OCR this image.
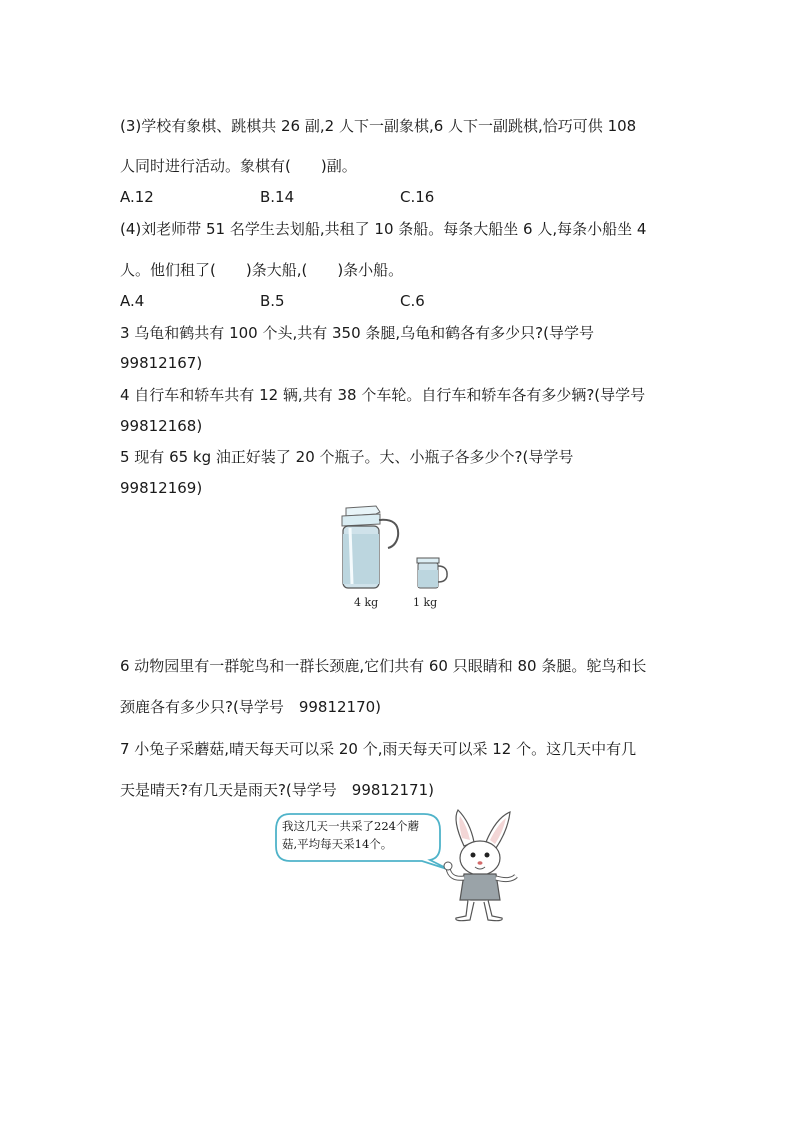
(3)学校有象棋、跳棋共 26 副,2 人下一副象棋,6 人下一副跳棋,恰巧可供 108
人同时进行活动。象棋有(　　)副。
A.12	B.14	C.16
(4)刘老师带 51 名学生去划船,共租了 10 条船。每条大船坐 6 人,每条小船坐 4
人。他们租了(　　)条大船,(　　)条小船。
A.4	B.5	C.6
3 乌龟和鹤共有 100 个头,共有 350 条腿,乌龟和鹤各有多少只?(导学号
99812167)
4 自行车和轿车共有 12 辆,共有 38 个车轮。自行车和轿车各有多少辆?(导学号
99812168)
5 现有 65 kg 油正好装了 20 个瓶子。大、小瓶子各多少个?(导学号
99812169)
4 kg	1 kg
6 动物园里有一群鸵鸟和一群长颈鹿,它们共有 60 只眼睛和 80 条腿。鸵鸟和长
颈鹿各有多少只?(导学号　99812170)
7 小兔子采蘑菇,晴天每天可以采 20 个,雨天每天可以采 12 个。这几天中有几
天是晴天?有几天是雨天?(导学号　99812171)
我这几天一共采了224个蘑
菇,平均每天采14个。
